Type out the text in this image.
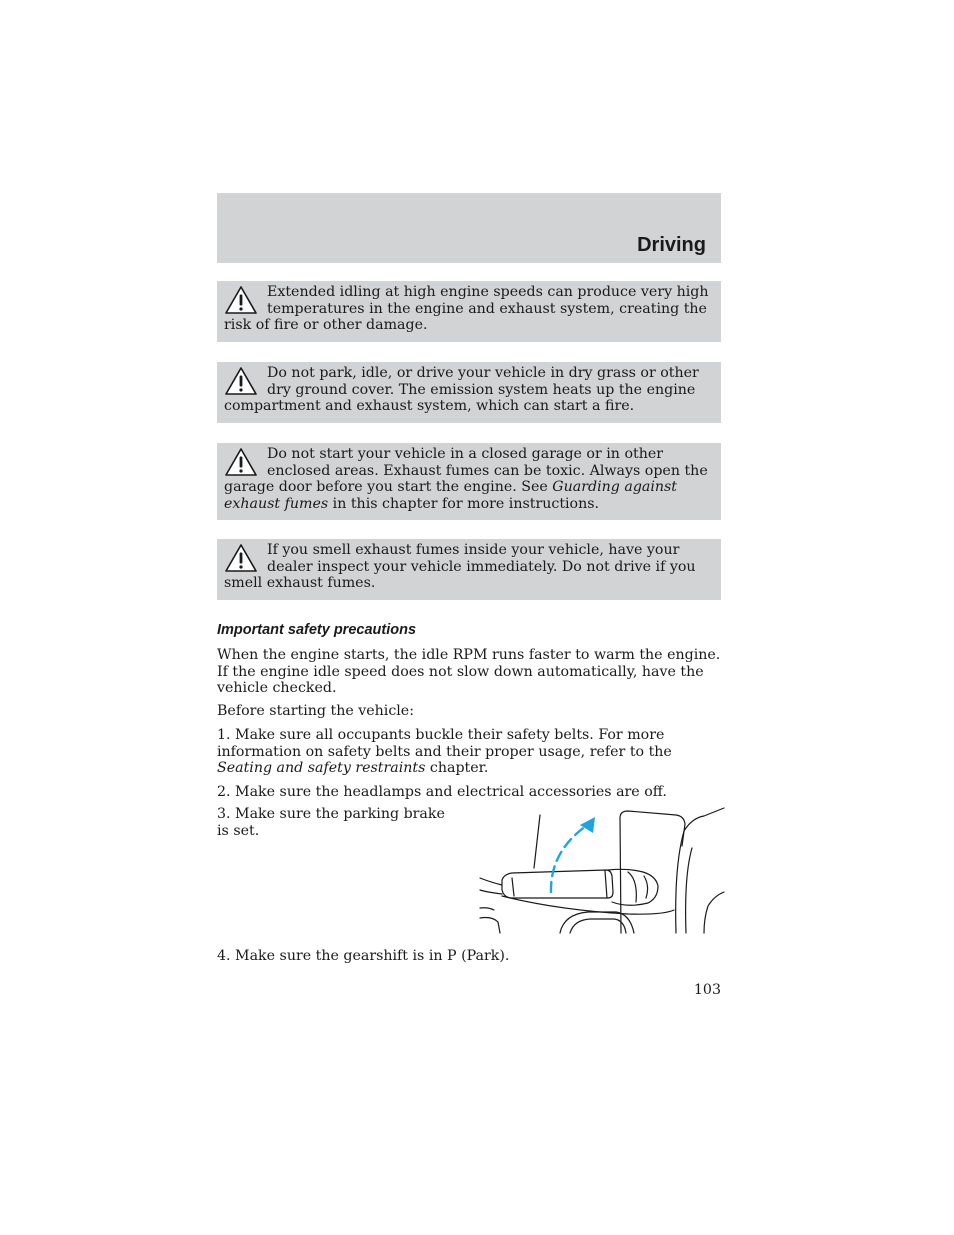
Driving
Extended idling at high engine speeds can produce very high temperatures in the engine and exhaust system, creating the risk of fire or other damage.
Do not park, idle, or drive your vehicle in dry grass or other dry ground cover. The emission system heats up the engine compartment and exhaust system, which can start a fire.
Do not start your vehicle in a closed garage or in other enclosed areas. Exhaust fumes can be toxic. Always open the garage door before you start the engine. See Guarding against exhaust fumes in this chapter for more instructions.
If you smell exhaust fumes inside your vehicle, have your dealer inspect your vehicle immediately. Do not drive if you smell exhaust fumes.
Important safety precautions
When the engine starts, the idle RPM runs faster to warm the engine. If the engine idle speed does not slow down automatically, have the vehicle checked.
Before starting the vehicle:
1. Make sure all occupants buckle their safety belts. For more information on safety belts and their proper usage, refer to the Seating and safety restraints chapter.
2. Make sure the headlamps and electrical accessories are off.
3. Make sure the parking brake is set.
4. Make sure the gearshift is in P (Park).
103
